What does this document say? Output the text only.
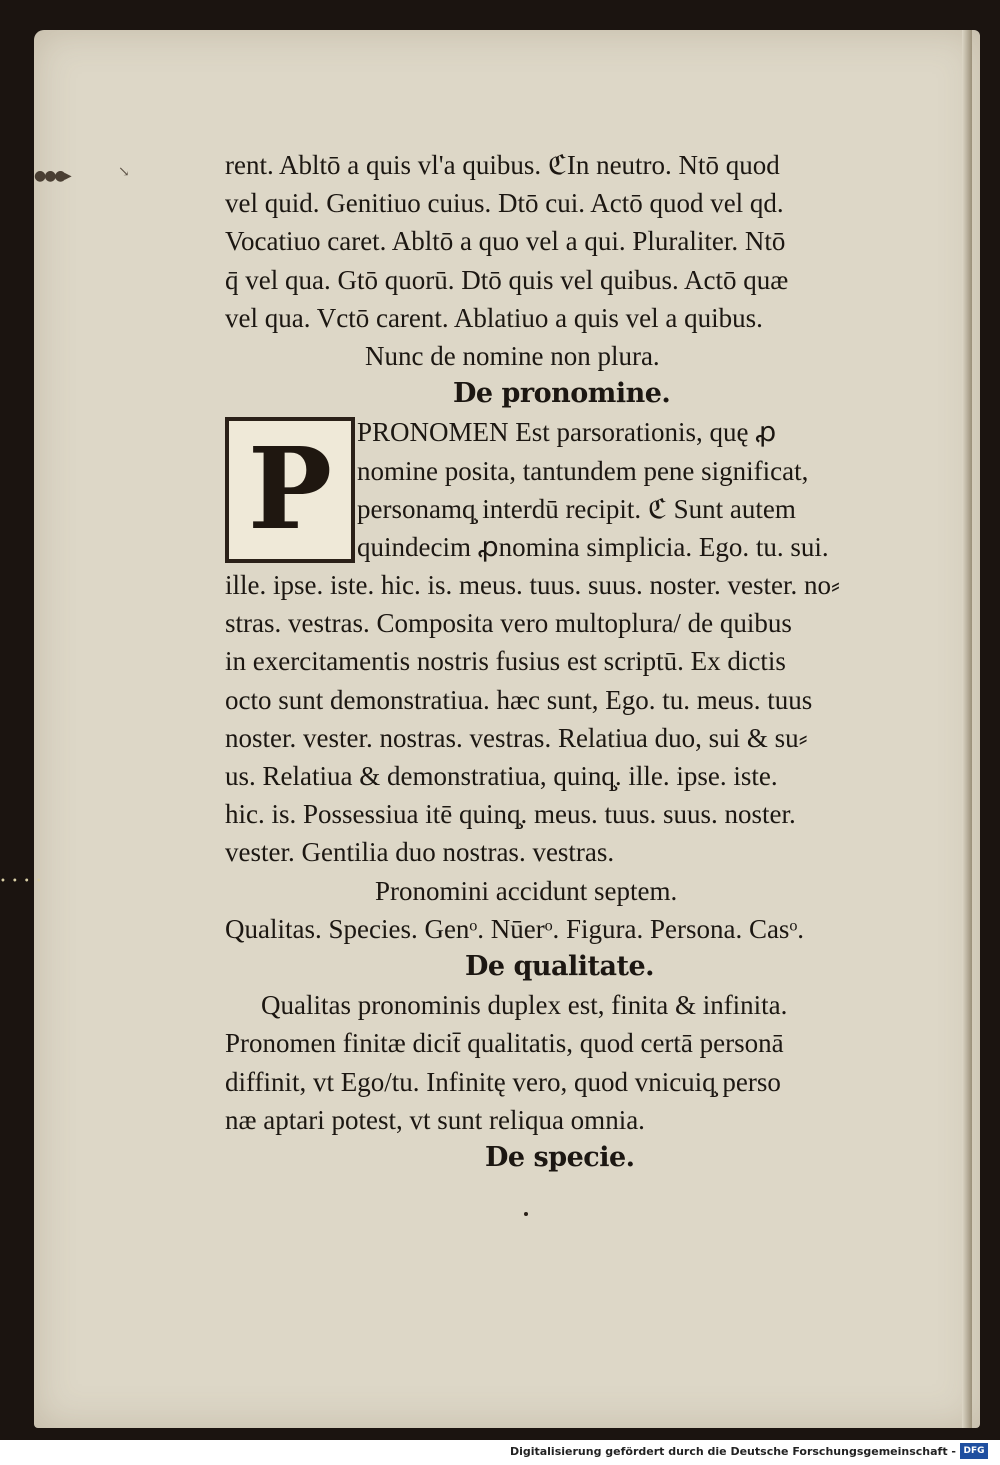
●●●▸	↘
••••
rent. Abltō a quis vl'a quibus. ℭIn neutro. Ntō quod
vel quid. Genitiuo cuius. Dtō cui. Actō quod vel qd.
Vocatiuo caret. Abltō a quo vel a qui. Pluraliter. Ntō
q̄ vel qua. Gtō quorū. Dtō quis vel quibus. Actō quæ
vel qua. Vctō carent. Ablatiuo a quis vel a quibus.
Nunc de nomine non plura.
De pronomine.
P PRONOMEN Est parsorationis, quę ꝓ
nomine posita, tantundem pene significat,
personamq̧ interdū recipit. ℭ Sunt autem
quindecim ꝓnomina simplicia. Ego. tu. sui.
ille. ipse. iste. hic. is. meus. tuus. suus. noster. vester. no⸗
stras. vestras. Composita vero multoplura/ de quibus
in exercitamentis nostris fusius est scriptū. Ex dictis
octo sunt demonstratiua. hæc sunt, Ego. tu. meus. tuus
noster. vester. nostras. vestras. Relatiua duo, sui & su⸗
us. Relatiua & demonstratiua, quinq̧. ille. ipse. iste.
hic. is. Possessiua itē quinq̧. meus. tuus. suus. noster.
vester. Gentilia duo nostras. vestras.
Pronomini accidunt septem.
Qualitas. Species. Genᵒ. Nūerᵒ. Figura. Persona. Casᵒ.
De qualitate.
Qualitas pronominis duplex est, finita & infinita.
Pronomen finitæ dicit̄ qualitatis, quod certā personā
diffinit, vt Ego/tu. Infinitę vero, quod vnicuiq̧ perso
næ aptari potest, vt sunt reliqua omnia.
De specie.
Digitalisierung gefördert durch die Deutsche Forschungsgemeinschaft - DFG
